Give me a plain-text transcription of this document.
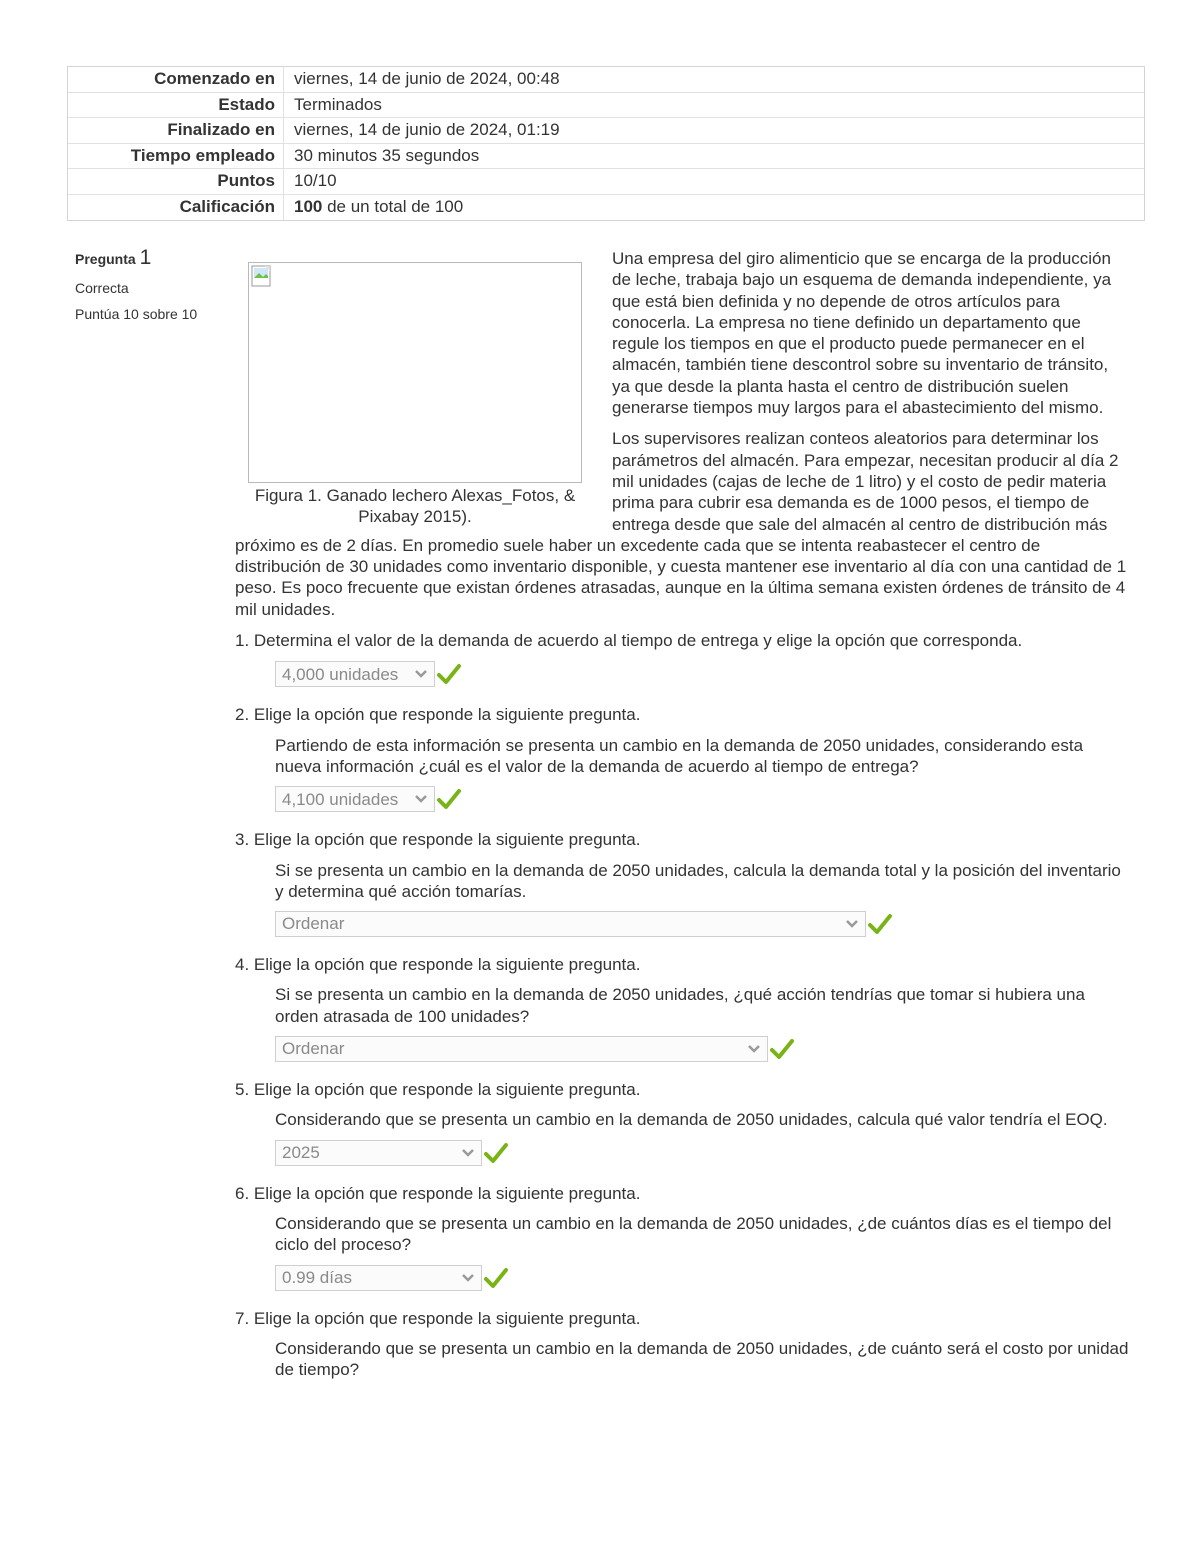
Comenzado en	viernes, 14 de junio de 2024, 00:48
Estado	Terminados
Finalizado en	viernes, 14 de junio de 2024, 01:19
Tiempo empleado	30 minutos 35 segundos
Puntos	10/10
Calificación	100 de un total de 100
Pregunta 1
Correcta
Puntúa 10 sobre 10
Figura 1. Ganado lechero Alexas_Fotos, & Pixabay 2015).

Una empresa del giro alimenticio que se encarga de la producción de leche, trabaja bajo un esquema de demanda independiente, ya que está bien definida y no depende de otros artículos para conocerla. La empresa no tiene definido un departamento que regule los tiempos en que el producto puede permanecer en el almacén, también tiene descontrol sobre su inventario de tránsito, ya que desde la planta hasta el centro de distribución suelen generarse tiempos muy largos para el abastecimiento del mismo.

Los supervisores realizan conteos aleatorios para determinar los parámetros del almacén. Para empezar, necesitan producir al día 2 mil unidades (cajas de leche de 1 litro) y el costo de pedir materia prima para cubrir esa demanda es de 1000 pesos, el tiempo de entrega desde que sale del almacén al centro de distribución más próximo es de 2 días. En promedio suele haber un excedente cada que se intenta reabastecer el centro de distribución de 30 unidades como inventario disponible, y cuesta mantener ese inventario al día con una cantidad de 1 peso. Es poco frecuente que existan órdenes atrasadas, aunque en la última semana existen órdenes de tránsito de 4 mil unidades.

1. Determina el valor de la demanda de acuerdo al tiempo de entrega y elige la opción que corresponda.
4,000 unidades
2. Elige la opción que responde la siguiente pregunta.
Partiendo de esta información se presenta un cambio en la demanda de 2050 unidades, considerando esta nueva información ¿cuál es el valor de la demanda de acuerdo al tiempo de entrega?
4,100 unidades
3. Elige la opción que responde la siguiente pregunta.
Si se presenta un cambio en la demanda de 2050 unidades, calcula la demanda total y la posición del inventario y determina qué acción tomarías.
Ordenar
4. Elige la opción que responde la siguiente pregunta.
Si se presenta un cambio en la demanda de 2050 unidades, ¿qué acción tendrías que tomar si hubiera una orden atrasada de 100 unidades?
Ordenar
5. Elige la opción que responde la siguiente pregunta.
Considerando que se presenta un cambio en la demanda de 2050 unidades, calcula qué valor tendría el EOQ.
2025
6. Elige la opción que responde la siguiente pregunta.
Considerando que se presenta un cambio en la demanda de 2050 unidades, ¿de cuántos días es el tiempo del ciclo del proceso?
0.99 días
7. Elige la opción que responde la siguiente pregunta.
Considerando que se presenta un cambio en la demanda de 2050 unidades, ¿de cuánto será el costo por unidad de tiempo?
